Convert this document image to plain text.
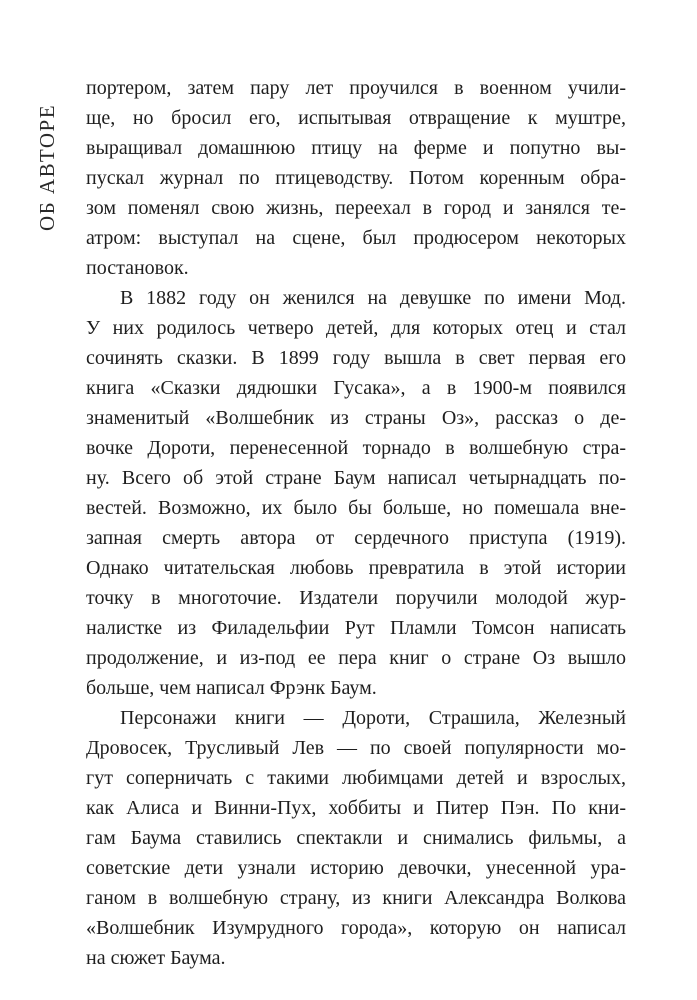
ОБ АВТОРЕ

портером, затем пару лет проучился в военном учили-
ще, но бросил его, испытывая отвращение к муштре,
выращивал домашнюю птицу на ферме и попутно вы-
пускал журнал по птицеводству. Потом коренным обра-
зом поменял свою жизнь, переехал в город и занялся те-
атром: выступал на сцене, был продюсером некоторых
постановок.

В 1882 году он женился на девушке по имени Мод.
У них родилось четверо детей, для которых отец и стал
сочинять сказки. В 1899 году вышла в свет первая его
книга «Сказки дядюшки Гусака», а в 1900-м появился
знаменитый «Волшебник из страны Оз», рассказ о де-
вочке Дороти, перенесенной торнадо в волшебную стра-
ну. Всего об этой стране Баум написал четырнадцать по-
вестей. Возможно, их было бы больше, но помешала вне-
запная смерть автора от сердечного приступа (1919).
Однако читательская любовь превратила в этой истории
точку в многоточие. Издатели поручили молодой жур-
налистке из Филадельфии Рут Пламли Томсон написать
продолжение, и из-под ее пера книг о стране Оз вышло
больше, чем написал Фрэнк Баум.

Персонажи книги — Дороти, Страшила, Железный
Дровосек, Трусливый Лев — по своей популярности мо-
гут соперничать с такими любимцами детей и взрослых,
как Алиса и Винни-Пух, хоббиты и Питер Пэн. По кни-
гам Баума ставились спектакли и снимались фильмы, а
советские дети узнали историю девочки, унесенной ура-
ганом в волшебную страну, из книги Александра Волкова
«Волшебник Изумрудного города», которую он написал
на сюжет Баума.
